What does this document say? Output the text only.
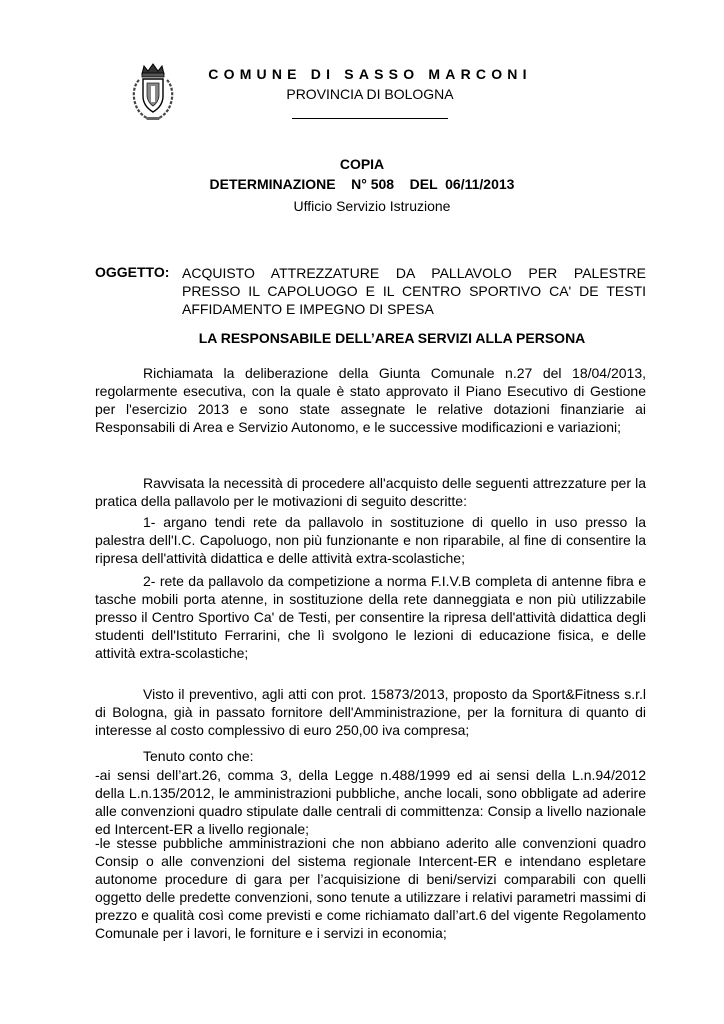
COMUNE DI SASSO MARCONI
PROVINCIA DI BOLOGNA
COPIA
DETERMINAZIONE    N° 508    DEL  06/11/2013
Ufficio Servizio Istruzione
OGGETTO: ACQUISTO ATTREZZATURE DA PALLAVOLO PER PALESTRE
PRESSO IL CAPOLUOGO E IL CENTRO SPORTIVO CA' DE TESTI
AFFIDAMENTO E IMPEGNO DI SPESA
LA RESPONSABILE DELL’AREA SERVIZI ALLA PERSONA
Richiamata la deliberazione della Giunta Comunale n.27 del 18/04/2013, regolarmente esecutiva, con la quale è stato approvato il Piano Esecutivo di Gestione per l'esercizio 2013 e sono state assegnate le relative dotazioni finanziarie ai Responsabili di Area e Servizio Autonomo, e le successive modificazioni e variazioni;
Ravvisata la necessità di procedere all'acquisto delle seguenti attrezzature per la pratica della pallavolo per le motivazioni di seguito descritte:
1- argano tendi rete da pallavolo in sostituzione di quello in uso presso la palestra dell'I.C. Capoluogo, non più funzionante e non riparabile, al fine di consentire la ripresa dell'attività didattica e delle attività extra-scolastiche;
2- rete da pallavolo da competizione a norma F.I.V.B completa di antenne fibra e tasche mobili porta atenne, in sostituzione della rete danneggiata e non più utilizzabile presso il Centro Sportivo Ca' de Testi, per consentire la ripresa dell'attività didattica degli studenti dell'Istituto Ferrarini, che lì svolgono le lezioni di educazione fisica, e delle attività extra-scolastiche;
Visto il preventivo, agli atti con prot. 15873/2013, proposto da Sport&Fitness s.r.l di Bologna, già in passato fornitore dell'Amministrazione, per la fornitura di quanto di interesse al costo complessivo di euro 250,00 iva compresa;
Tenuto conto che:
-ai sensi dell’art.26, comma 3, della Legge n.488/1999 ed ai sensi della L.n.94/2012 della L.n.135/2012, le amministrazioni pubbliche, anche locali, sono obbligate ad aderire alle convenzioni quadro stipulate dalle centrali di committenza: Consip a livello nazionale ed Intercent-ER a livello regionale;
-le stesse pubbliche amministrazioni che non abbiano aderito alle convenzioni quadro Consip o alle convenzioni del sistema regionale Intercent-ER e intendano espletare autonome procedure di gara per l’acquisizione di beni/servizi comparabili con quelli oggetto delle predette convenzioni, sono tenute a utilizzare i relativi parametri massimi di prezzo e qualità così come previsti e come richiamato dall’art.6 del vigente Regolamento Comunale per i lavori, le forniture e i servizi in economia;
